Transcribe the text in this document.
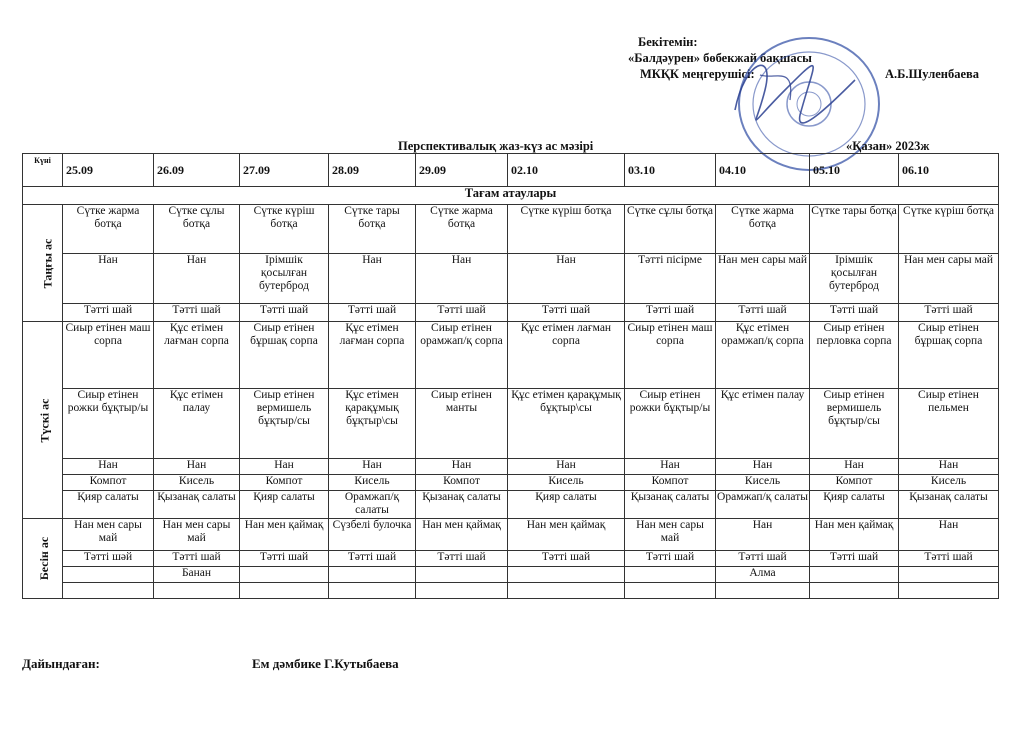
Бекітемін:
«Балдәурен» бөбекжай бақшасы
МКҚК меңгерушісі:	А.Б.Шуленбаева
Перспективалық жаз-күз ас мәзірі	«Қазан» 2023ж
Күні	25.09	26.09	27.09	28.09	29.09	02.10	03.10	04.10	05.10	06.10
Тағам атаулары										
Таңғы ас	Сүтке жарма ботқа	Сүтке сұлы ботқа	Сүтке күріш ботқа	Сүтке тары ботқа	Сүтке жарма ботқа	Сүтке күріш ботқа	Сүтке сұлы ботқа	Сүтке жарма ботқа	Сүтке тары ботқа	Сүтке күріш ботқа
	Нан	Нан	Ірімшік қосылған бутерброд	Нан	Нан	Нан	Тәтті пісірме	Нан мен сары май	Ірімшік қосылған бутерброд	Нан мен сары май
	Тәтті шай	Тәтті шай	Тәтті шай	Тәтті шай	Тәтті шай	Тәтті шай	Тәтті шай	Тәтті шай	Тәтті шай	Тәтті шай
Түскі ас	Сиыр етінен маш сорпа	Құс етімен лағман сорпа	Сиыр етінен бұршақ сорпа	Құс етімен лағман сорпа	Сиыр етінен орамжап/қ сорпа	Құс етімен лағман сорпа	Сиыр етінен маш сорпа	Құс етімен орамжап/қ сорпа	Сиыр етінен перловка сорпа	Сиыр етінен бұршақ сорпа
	Сиыр етінен рожки бұқтыр/ы	Құс етімен палау	Сиыр етінен вермишель бұқтыр/сы	Құс етімен қарақұмық бұқтыр\сы	Сиыр етінен манты	Құс етімен қарақұмық бұқтыр\сы	Сиыр етінен рожки бұқтыр/ы	Құс етімен палау	Сиыр етінен вермишель бұқтыр/сы	Сиыр етінен пельмен
	Нан	Нан	Нан	Нан	Нан	Нан	Нан	Нан	Нан	Нан
	Компот	Кисель	Компот	Кисель	Компот	Кисель	Компот	Кисель	Компот	Кисель
	Қияр салаты	Қызанақ салаты	Қияр салаты	Орамжап/қ салаты	Қызанақ салаты	Қияр салаты	Қызанақ салаты	Орамжап/қ салаты	Қияр салаты	Қызанақ салаты
Бесін ас	Нан мен сары май	Нан мен сары май	Нан мен қаймақ	Сүзбелі булочка	Нан мен қаймақ	Нан мен қаймақ	Нан мен сары май	Нан	Нан мен қаймақ	Нан
	Тәтті шәй	Тәтті шай	Тәтті шай	Тәтті шай	Тәтті шай	Тәтті шай	Тәтті шай	Тәтті шай	Тәтті шай	Тәтті шай
		Банан						Алма		

Дайындаған:	Ем дәмбике Г.Кутыбаева
